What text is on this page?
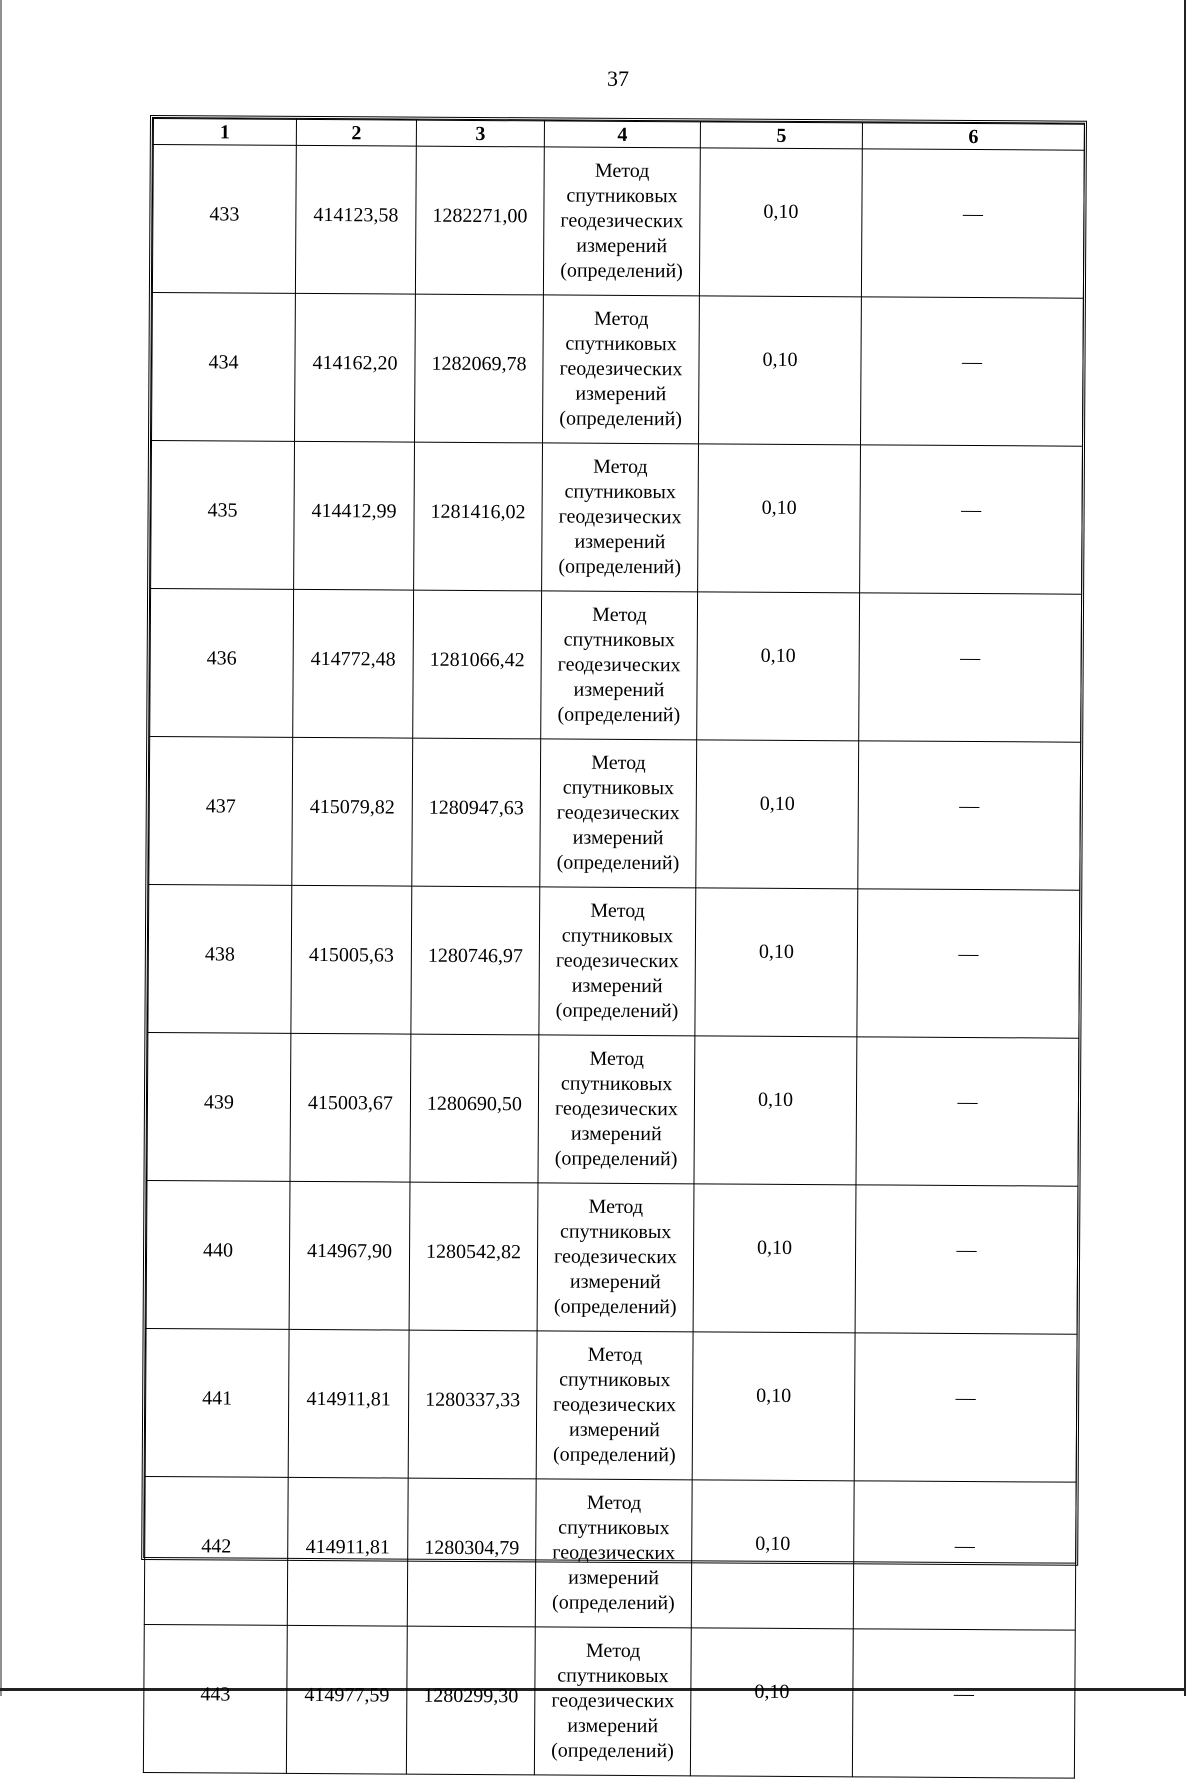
37
1	2	3	4	5	6
433	414123,58	1282271,00	Метод
спутниковых
геодезических
измерений
(определений)	0,10	—
434	414162,20	1282069,78	Метод
спутниковых
геодезических
измерений
(определений)	0,10	—
435	414412,99	1281416,02	Метод
спутниковых
геодезических
измерений
(определений)	0,10	—
436	414772,48	1281066,42	Метод
спутниковых
геодезических
измерений
(определений)	0,10	—
437	415079,82	1280947,63	Метод
спутниковых
геодезических
измерений
(определений)	0,10	—
438	415005,63	1280746,97	Метод
спутниковых
геодезических
измерений
(определений)	0,10	—
439	415003,67	1280690,50	Метод
спутниковых
геодезических
измерений
(определений)	0,10	—
440	414967,90	1280542,82	Метод
спутниковых
геодезических
измерений
(определений)	0,10	—
441	414911,81	1280337,33	Метод
спутниковых
геодезических
измерений
(определений)	0,10	—
442	414911,81	1280304,79	Метод
спутниковых
геодезических
измерений
(определений)	0,10	—
443	414977,59	1280299,30	Метод
спутниковых
геодезических
измерений
(определений)	0,10	—
